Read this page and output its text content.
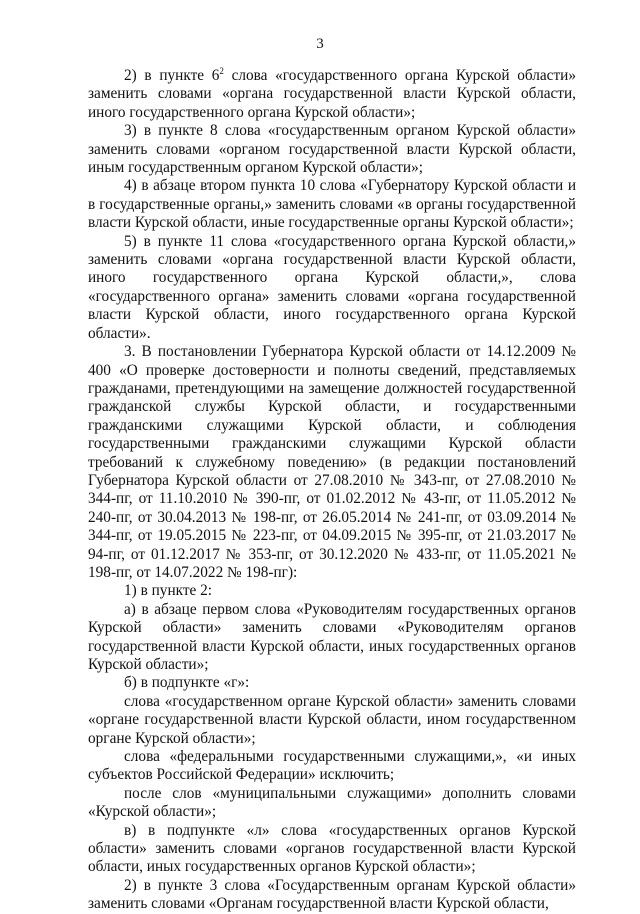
3

2) в пункте $6^2$ слова «государственного органа Курской области» заменить словами «органа государственной власти Курской области, иного государственного органа Курской области»;

3) в пункте 8 слова «государственным органом Курской области» заменить словами «органом государственной власти Курской области, иным государственным органом Курской области»;

4) в абзаце втором пункта 10 слова «Губернатору Курской области и в государственные органы,» заменить словами «в органы государственной власти Курской области, иные государственные органы Курской области»;

5) в пункте 11 слова «государственного органа Курской области,» заменить словами «органа государственной власти Курской области, иного государственного органа Курской области,», слова «государственного органа» заменить словами «органа государственной власти Курской области, иного государственного органа Курской области».

3. В постановлении Губернатора Курской области от 14.12.2009 № 400 «О проверке достоверности и полноты сведений, представляемых гражданами, претендующими на замещение должностей государственной гражданской службы Курской области, и государственными гражданскими служащими Курской области, и соблюдения государственными гражданскими служащими Курской области требований к служебному поведению» (в редакции постановлений Губернатора Курской области от 27.08.2010 № 343-пг, от 27.08.2010 № 344-пг, от 11.10.2010 № 390-пг, от 01.02.2012 № 43-пг, от 11.05.2012 № 240-пг, от 30.04.2013 № 198-пг, от 26.05.2014 № 241-пг, от 03.09.2014 № 344-пг, от 19.05.2015 № 223-пг, от 04.09.2015 № 395-пг, от 21.03.2017 № 94-пг, от 01.12.2017 № 353-пг, от 30.12.2020 № 433-пг, от 11.05.2021 № 198-пг, от 14.07.2022 № 198-пг):

1) в пункте 2:

а) в абзаце первом слова «Руководителям государственных органов Курской области» заменить словами «Руководителям органов государственной власти Курской области, иных государственных органов Курской области»;

б) в подпункте «г»:

слова «государственном органе Курской области» заменить словами «органе государственной власти Курской области, ином государственном органе Курской области»;

слова «федеральными государственными служащими,», «и иных субъектов Российской Федерации» исключить;

после слов «муниципальными служащими» дополнить словами «Курской области»;

в) в подпункте «л» слова «государственных органов Курской области» заменить словами «органов государственной власти Курской области, иных государственных органов Курской области»;

2) в пункте 3 слова «Государственным органам Курской области» заменить словами «Органам государственной власти Курской области,
